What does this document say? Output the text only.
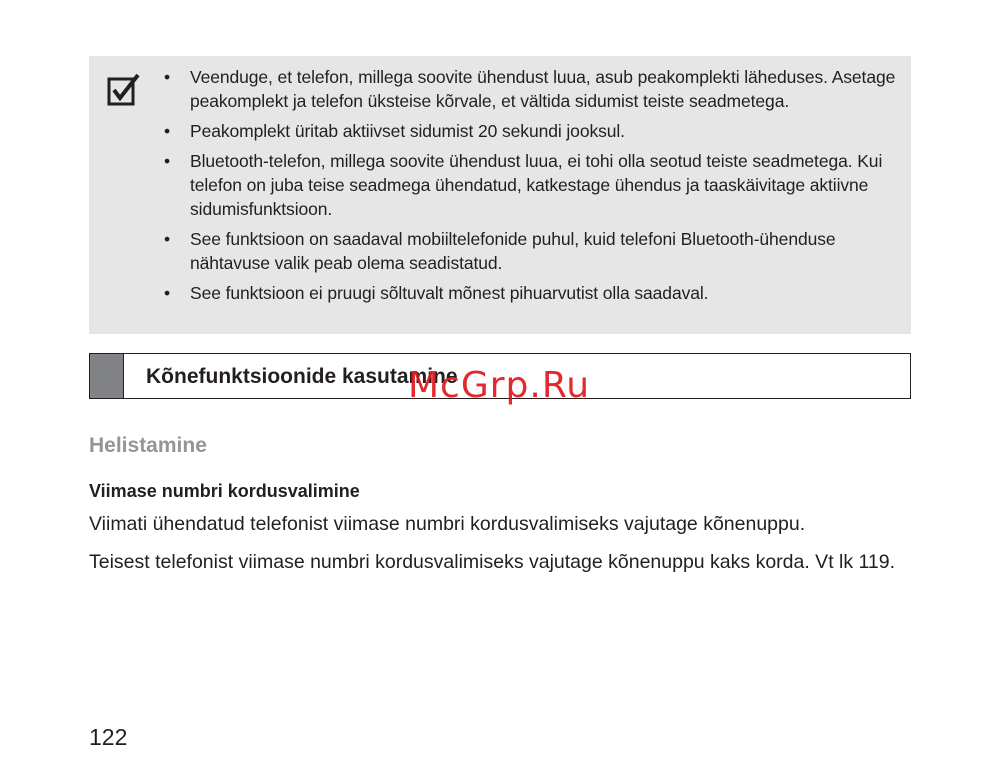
• Veenduge, et telefon, millega soovite ühendust luua, asub peakomplekti läheduses. Asetage peakomplekt ja telefon üksteise kõrvale, et vältida sidumist teiste seadmetega.
• Peakomplekt üritab aktiivset sidumist 20 sekundi jooksul.
• Bluetooth-telefon, millega soovite ühendust luua, ei tohi olla seotud teiste seadmetega. Kui telefon on juba teise seadmega ühendatud, katkestage ühendus ja taaskäivitage aktiivne sidumisfunktsioon.
• See funktsioon on saadaval mobiiltelefonide puhul, kuid telefoni Bluetooth-ühenduse nähtavuse valik peab olema seadistatud.
• See funktsioon ei pruugi sõltuvalt mõnest pihuarvutist olla saadaval.
Kõnefunktsioonide kasutamine
McGrp.Ru
Helistamine
Viimase numbri kordusvalimine

Viimati ühendatud telefonist viimase numbri kordusvalimiseks vajutage kõnenuppu.

Teisest telefonist viimase numbri kordusvalimiseks vajutage kõnenuppu kaks korda. Vt lk 119.

122
